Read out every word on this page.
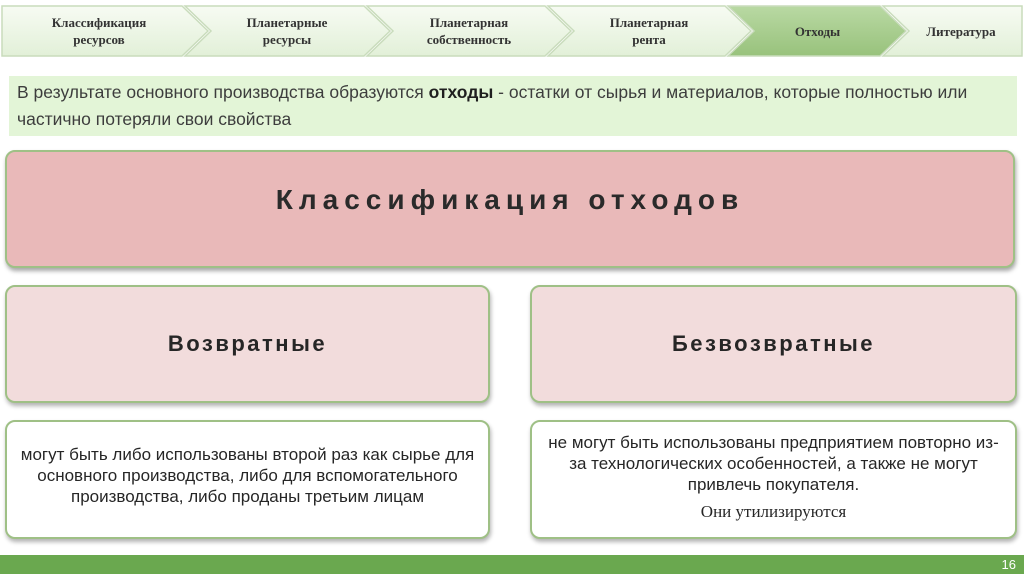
Классификация
ресурсов
Планетарные
ресурсы
Планетарная
собственность
Планетарная
рента
Отходы	Литература
В результате основного производства образуются отходы - остатки от сырья и материалов, которые полностью или частично потеряли свои свойства
Классификация отходов
Возвратные	Безвозвратные
могут быть либо использованы второй раз как сырье для основного производства, либо для вспомогательного производства, либо проданы третьим лицам
не могут быть использованы предприятием повторно из-за технологических особенностей, а также не могут привлечь покупателя.
Они утилизируются
16
